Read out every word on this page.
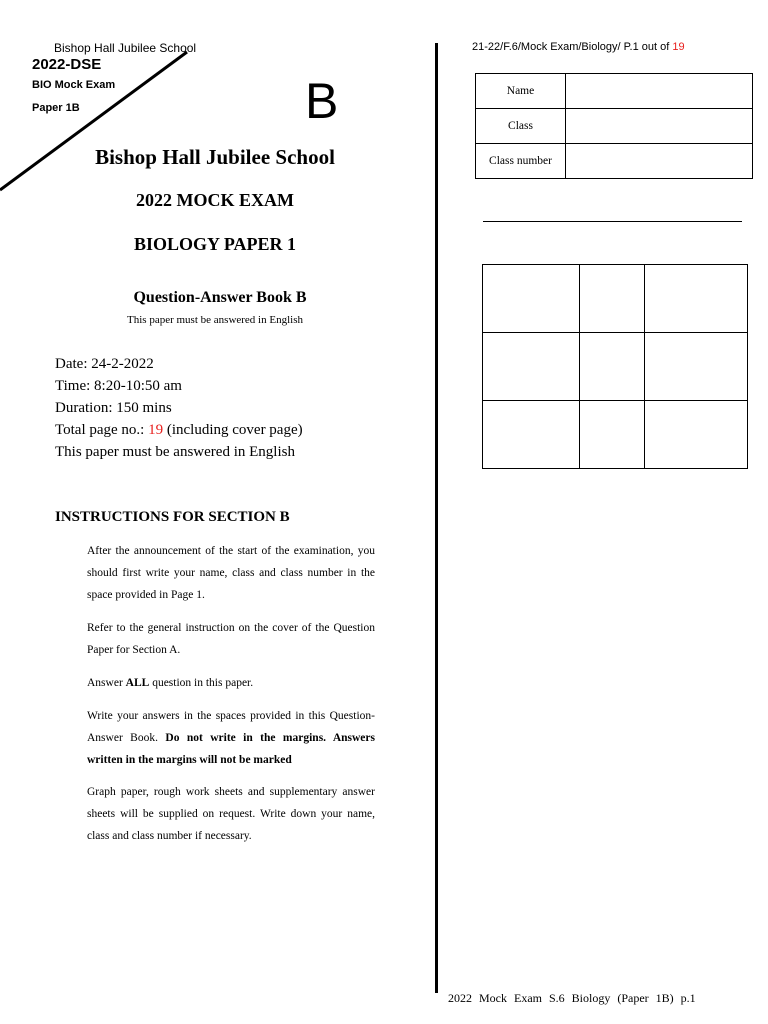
Bishop Hall Jubilee School
2022-DSE
BIO Mock Exam
Paper 1B	B
Bishop Hall Jubilee School
2022 MOCK EXAM
BIOLOGY PAPER 1
Question-Answer Book B
This paper must be answered in English
Date: 24-2-2022
Time: 8:20-10:50 am
Duration: 150 mins
Total page no.: 19 (including cover page)
This paper must be answered in English
INSTRUCTIONS FOR SECTION B
After the announcement of the start of the examination, you should first write your name, class and class number in the space provided in Page 1.
Refer to the general instruction on the cover of the Question Paper for Section A.
Answer ALL question in this paper.
Write your answers in the spaces provided in this Question-Answer Book. Do not write in the margins. Answers written in the margins will not be marked
Graph paper, rough work sheets and supplementary answer sheets will be supplied on request. Write down your name, class and class number if necessary.
21-22/F.6/Mock Exam/Biology/ P.1 out of 19
Name	
Class	
Class number	

2022 Mock Exam S.6 Biology (Paper 1B) p.1
